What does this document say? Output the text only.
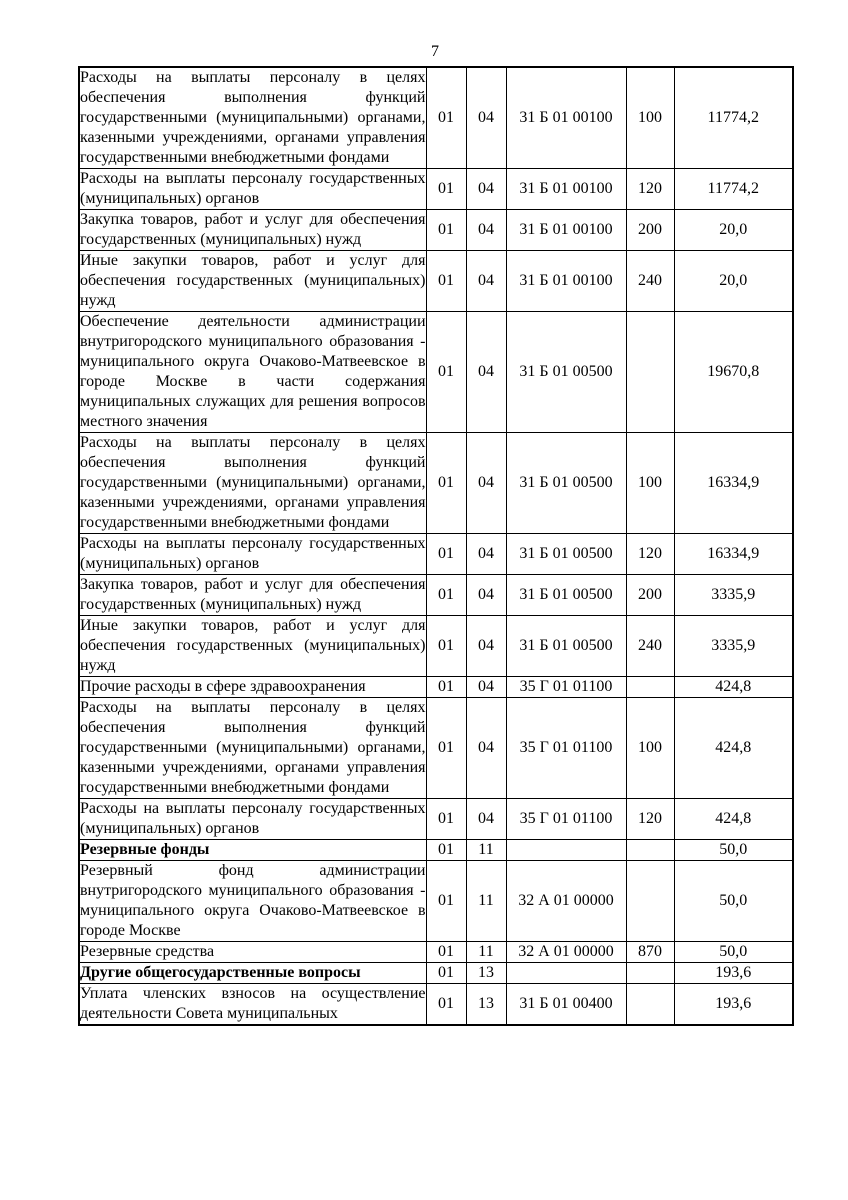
7
Расходы на выплаты персоналу в целях обеспечения выполнения функций государственными (муниципальными) органами, казенными учреждениями, органами управления государственными внебюджетными фондами	01	04	31 Б 01 00100	100	11774,2
Расходы на выплаты персоналу государственных (муниципальных) органов	01	04	31 Б 01 00100	120	11774,2
Закупка товаров, работ и услуг для обеспечения государственных (муниципальных) нужд	01	04	31 Б 01 00100	200	20,0
Иные закупки товаров, работ и услуг для обеспечения государственных (муниципальных) нужд	01	04	31 Б 01 00100	240	20,0
Обеспечение деятельности администрации внутригородского муниципального образования - муниципального округа Очаково-Матвеевское в городе Москве в части содержания муниципальных служащих для решения вопросов местного значения	01	04	31 Б 01 00500		19670,8
Расходы на выплаты персоналу в целях обеспечения выполнения функций государственными (муниципальными) органами, казенными учреждениями, органами управления государственными внебюджетными фондами	01	04	31 Б 01 00500	100	16334,9
Расходы на выплаты персоналу государственных (муниципальных) органов	01	04	31 Б 01 00500	120	16334,9
Закупка товаров, работ и услуг для обеспечения государственных (муниципальных) нужд	01	04	31 Б 01 00500	200	3335,9
Иные закупки товаров, работ и услуг для обеспечения государственных (муниципальных) нужд	01	04	31 Б 01 00500	240	3335,9
Прочие расходы в сфере здравоохранения	01	04	35 Г 01 01100		424,8
Расходы на выплаты персоналу в целях обеспечения выполнения функций государственными (муниципальными) органами, казенными учреждениями, органами управления государственными внебюджетными фондами	01	04	35 Г 01 01100	100	424,8
Расходы на выплаты персоналу государственных (муниципальных) органов	01	04	35 Г 01 01100	120	424,8
Резервные фонды	01	11			50,0
Резервный фонд администрации внутригородского муниципального образования - муниципального округа Очаково-Матвеевское в городе Москве	01	11	32 А 01 00000		50,0
Резервные средства	01	11	32 А 01 00000	870	50,0
Другие общегосударственные вопросы	01	13			193,6
Уплата членских взносов на осуществление деятельности Совета муниципальных	01	13	31 Б 01 00400		193,6
